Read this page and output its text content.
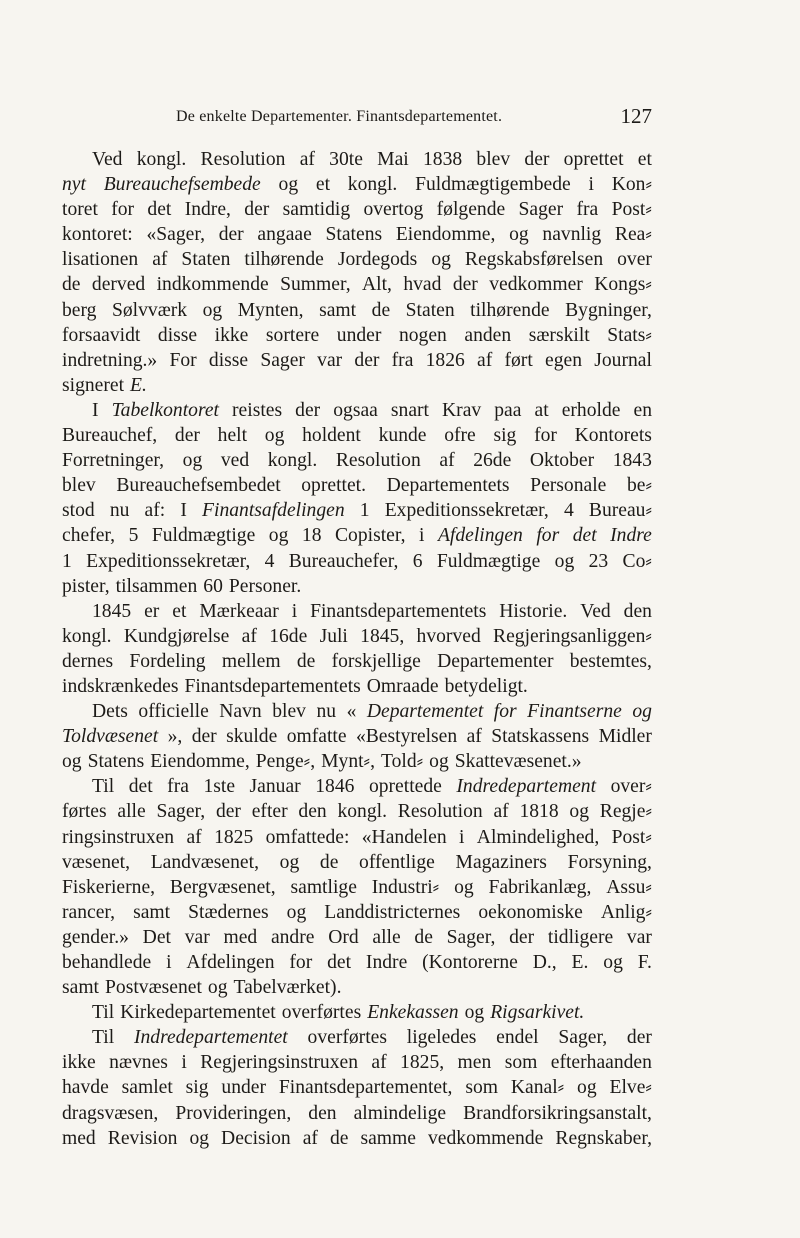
De enkelte Departementer. Finantsdepartementet.	127
Ved kongl. Resolution af 30te Mai 1838 blev der oprettet et
nyt Bureauchefsembede og et kongl. Fuldmægtigembede i Kon⸗
toret for det Indre, der samtidig overtog følgende Sager fra Post⸗
kontoret: «Sager, der angaae Statens Eiendomme, og navnlig Rea⸗
lisationen af Staten tilhørende Jordegods og Regskabsførelsen over
de derved indkommende Summer, Alt, hvad der vedkommer Kongs⸗
berg Sølvværk og Mynten, samt de Staten tilhørende Bygninger,
forsaavidt disse ikke sortere under nogen anden særskilt Stats⸗
indretning.» For disse Sager var der fra 1826 af ført egen Journal
signeret E.
I Tabelkontoret reistes der ogsaa snart Krav paa at erholde en
Bureauchef, der helt og holdent kunde ofre sig for Kontorets
Forretninger, og ved kongl. Resolution af 26de Oktober 1843
blev Bureauchefsembedet oprettet. Departementets Personale be⸗
stod nu af: I Finantsafdelingen 1 Expeditionssekretær, 4 Bureau⸗
chefer, 5 Fuldmægtige og 18 Copister, i Afdelingen for det Indre
1 Expeditionssekretær, 4 Bureauchefer, 6 Fuldmægtige og 23 Co⸗
pister, tilsammen 60 Personer.
1845 er et Mærkeaar i Finantsdepartementets Historie. Ved den
kongl. Kundgjørelse af 16de Juli 1845, hvorved Regjeringsanliggen⸗
dernes Fordeling mellem de forskjellige Departementer bestemtes,
indskrænkedes Finantsdepartementets Omraade betydeligt.
Dets officielle Navn blev nu « Departementet for Finantserne og
Toldvæsenet », der skulde omfatte «Bestyrelsen af Statskassens Midler
og Statens Eiendomme, Penge⸗, Mynt⸗, Told⸗ og Skattevæsenet.»
Til det fra 1ste Januar 1846 oprettede Indredepartement over⸗
førtes alle Sager, der efter den kongl. Resolution af 1818 og Regje⸗
ringsinstruxen af 1825 omfattede: «Handelen i Almindelighed, Post⸗
væsenet, Landvæsenet, og de offentlige Magaziners Forsyning,
Fiskerierne, Bergvæsenet, samtlige Industri⸗ og Fabrikanlæg, Assu⸗
rancer, samt Stædernes og Landdistricternes oekonomiske Anlig⸗
gender.» Det var med andre Ord alle de Sager, der tidligere var
behandlede i Afdelingen for det Indre (Kontorerne D., E. og F.
samt Postvæsenet og Tabelværket).
Til Kirkedepartementet overførtes Enkekassen og Rigsarkivet.
Til Indredepartementet overførtes ligeledes endel Sager, der
ikke nævnes i Regjeringsinstruxen af 1825, men som efterhaanden
havde samlet sig under Finantsdepartementet, som Kanal⸗ og Elve⸗
dragsvæsen, Provideringen, den almindelige Brandforsikringsanstalt,
med Revision og Decision af de samme vedkommende Regnskaber,
